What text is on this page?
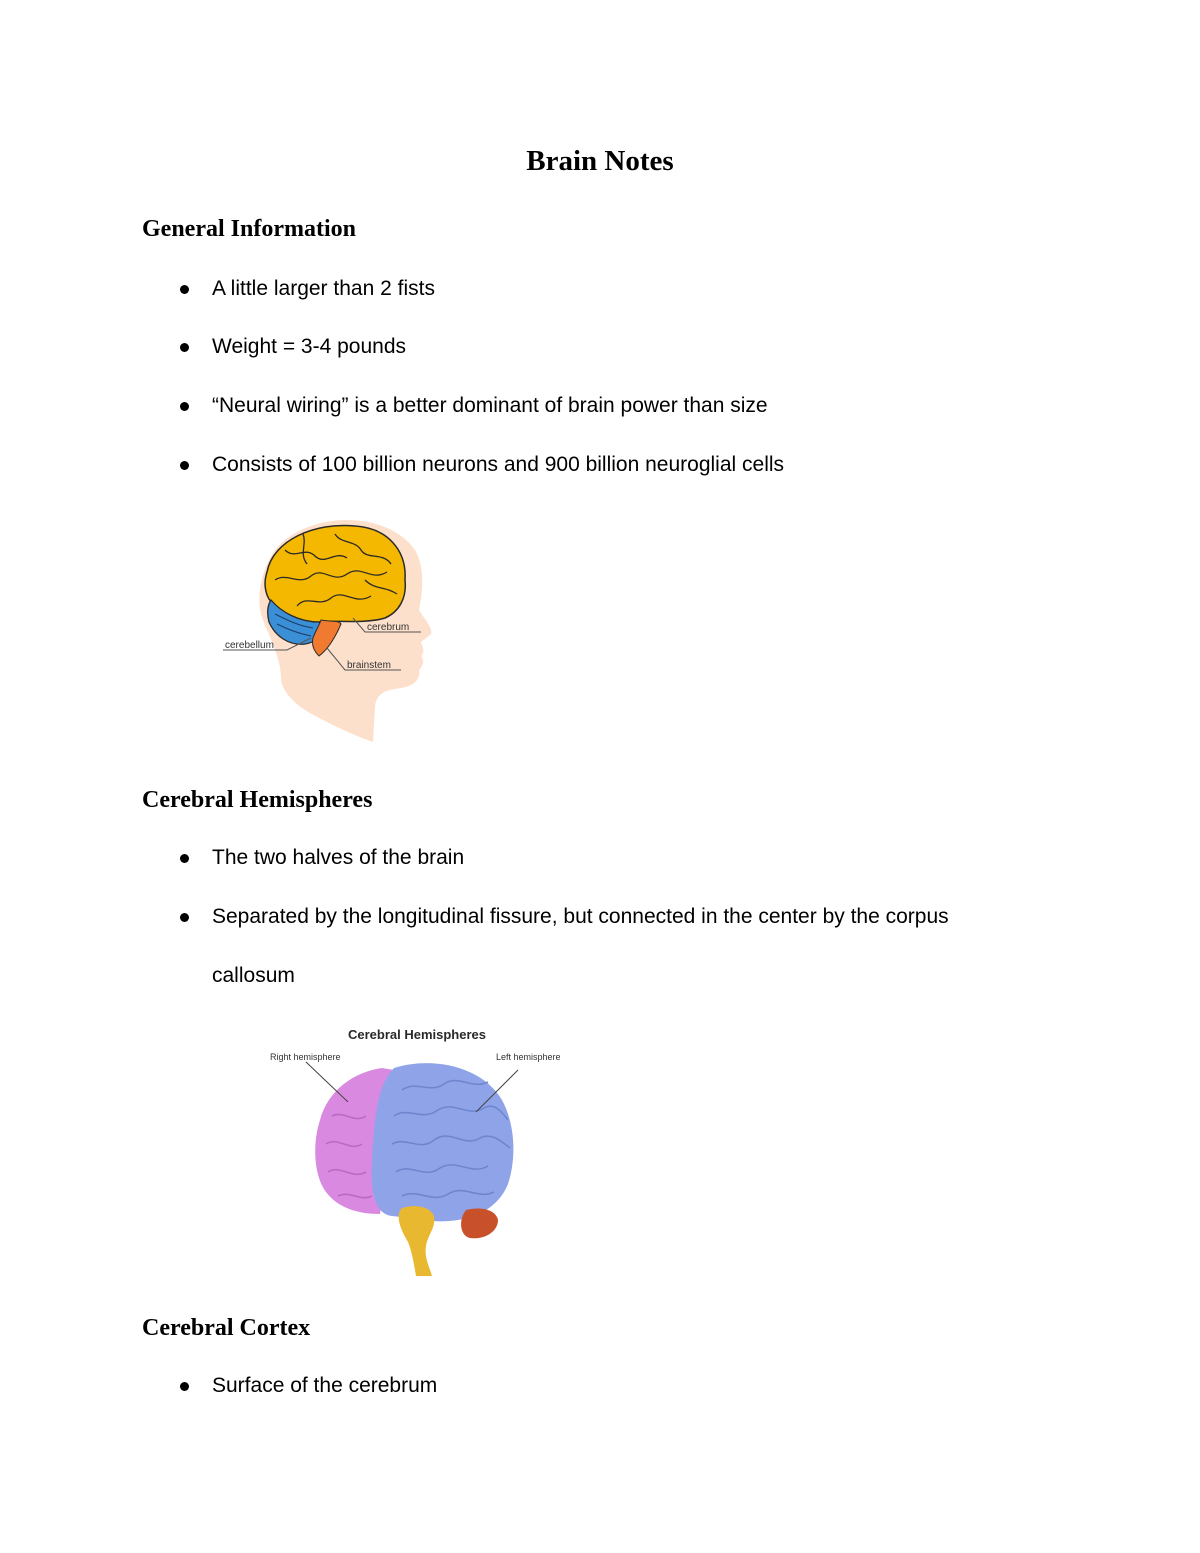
Brain Notes
General Information
A little larger than 2 fists
Weight = 3-4 pounds
“Neural wiring” is a better dominant of brain power than size
Consists of 100 billion neurons and 900 billion neuroglial cells
cerebrum
cerebellum
brainstem
Cerebral Hemispheres
The two halves of the brain
Separated by the longitudinal fissure, but connected in the center by the corpus
callosum
Cerebral Hemispheres
Right hemisphere	Left hemisphere
Cerebral Cortex
Surface of the cerebrum
